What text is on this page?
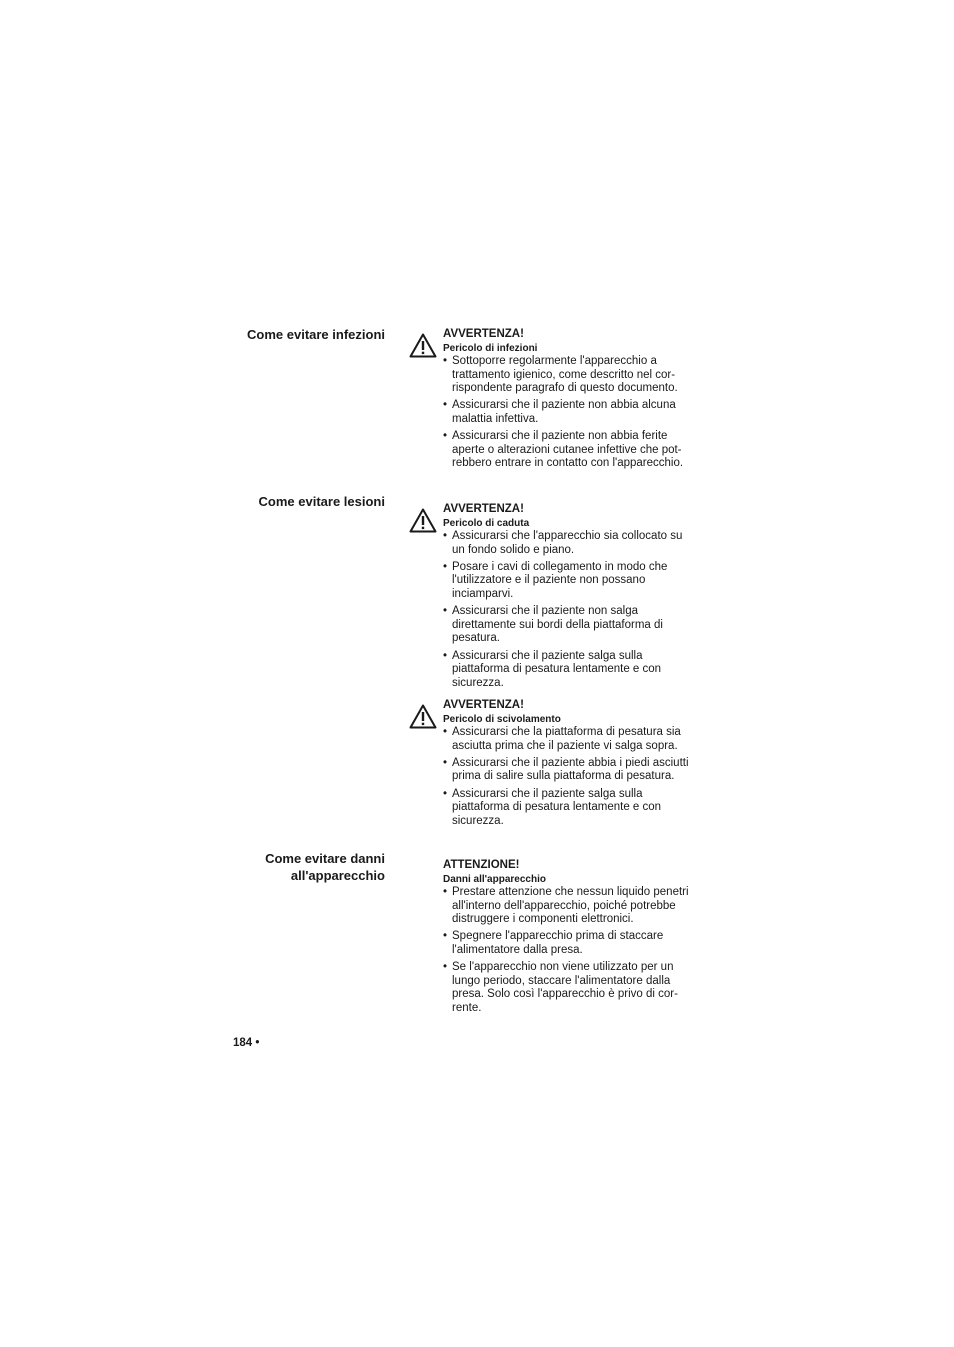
Come evitare infezioni	AVVERTENZA!
Pericolo di infezioni
• Sottoporre regolarmente l'apparecchio a
trattamento igienico, come descritto nel cor-
rispondente paragrafo di questo documento.
• Assicurarsi che il paziente non abbia alcuna
malattia infettiva.
• Assicurarsi che il paziente non abbia ferite
aperte o alterazioni cutanee infettive che pot-
rebbero entrare in contatto con l'apparecchio.
Come evitare lesioni	AVVERTENZA!
Pericolo di caduta
• Assicurarsi che l'apparecchio sia collocato su
un fondo solido e piano.
• Posare i cavi di collegamento in modo che
l'utilizzatore e il paziente non possano
inciamparvi.
• Assicurarsi che il paziente non salga
direttamente sui bordi della piattaforma di
pesatura.
• Assicurarsi che il paziente salga sulla
piattaforma di pesatura lentamente e con
sicurezza.
AVVERTENZA!
Pericolo di scivolamento
• Assicurarsi che la piattaforma di pesatura sia
asciutta prima che il paziente vi salga sopra.
• Assicurarsi che il paziente abbia i piedi asciutti
prima di salire sulla piattaforma di pesatura.
• Assicurarsi che il paziente salga sulla
piattaforma di pesatura lentamente e con
sicurezza.
Come evitare danni
all'apparecchio
ATTENZIONE!
Danni all'apparecchio
• Prestare attenzione che nessun liquido penetri
all'interno dell'apparecchio, poiché potrebbe
distruggere i componenti elettronici.
• Spegnere l'apparecchio prima di staccare
l'alimentatore dalla presa.
• Se l'apparecchio non viene utilizzato per un
lungo periodo, staccare l'alimentatore dalla
presa. Solo così l'apparecchio è privo di cor-
rente.
184 •
